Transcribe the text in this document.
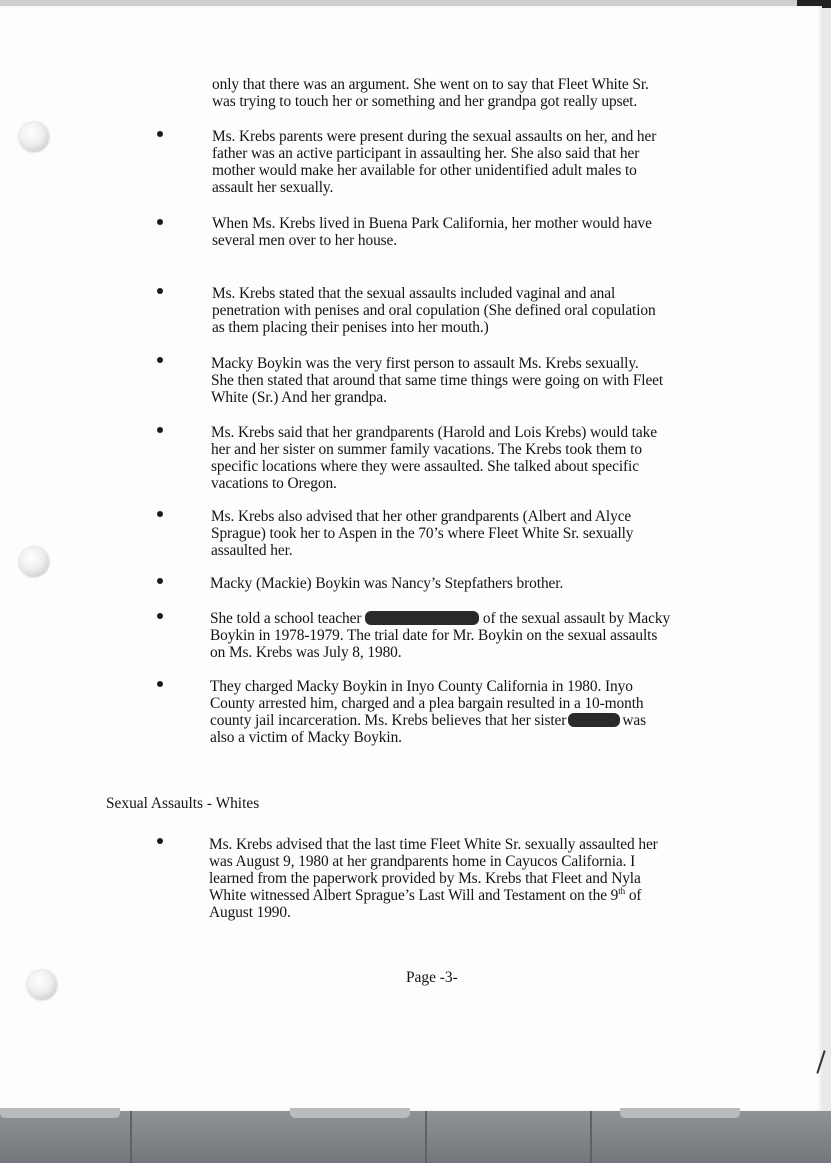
only that there was an argument. She went on to say that Fleet White Sr.

was trying to touch her or something and her grandpa got really upset.

Ms. Krebs parents were present during the sexual assaults on her, and her

father was an active participant in assaulting her. She also said that her

mother would make her available for other unidentified adult males to

assault her sexually.

When Ms. Krebs lived in Buena Park California, her mother would have

several men over to her house.

Ms. Krebs stated that the sexual assaults included vaginal and anal

penetration with penises and oral copulation (She defined oral copulation

as them placing their penises into her mouth.)

Macky Boykin was the very first person to assault Ms. Krebs sexually.

She then stated that around that same time things were going on with Fleet

White (Sr.) And her grandpa.

Ms. Krebs said that her grandparents (Harold and Lois Krebs) would take

her and her sister on summer family vacations. The Krebs took them to

specific locations where they were assaulted. She talked about specific

vacations to Oregon.

Ms. Krebs also advised that her other grandparents (Albert and Alyce

Sprague) took her to Aspen in the 70’s where Fleet White Sr. sexually

assaulted her.

Macky (Mackie) Boykin was Nancy’s Stepfathers brother.

She told a school teacher	of the sexual assault by Macky

Boykin in 1978-1979. The trial date for Mr. Boykin on the sexual assaults

on Ms. Krebs was July 8, 1980.

They charged Macky Boykin in Inyo County California in 1980. Inyo

County arrested him, charged and a plea bargain resulted in a 10-month

county jail incarceration. Ms. Krebs believes that her sister	was

also a victim of Macky Boykin.

Sexual Assaults - Whites

Ms. Krebs advised that the last time Fleet White Sr. sexually assaulted her

was August 9, 1980 at her grandparents home in Cayucos California. I

learned from the paperwork provided by Ms. Krebs that Fleet and Nyla

White witnessed Albert Sprague’s Last Will and Testament on the 9th of

August 1990.

Page -3-
